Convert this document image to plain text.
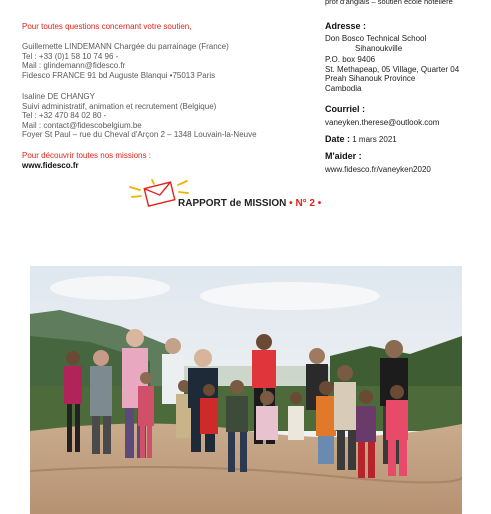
prof d'anglais – soutien école hôtelière
Pour toutes questions concernant votre soutien,
Guillemette LINDEMANN Chargée du parrainage (France)
Tel : +33 (0)1 58 10 74 96 -
Mail : glindemann@fidesco.fr
Fidesco FRANCE 91 bd Auguste Blanqui •75013 Paris
Isaline DE CHANGY
Suivi administratif, animation et recrutement (Belgique)
Tel : +32 470 84 02 80 -
Mail : contact@fidescobelgium.be
Foyer St Paul – rue du Cheval d'Arçon 2 – 1348 Louvain-la-Neuve
Pour découvrir toutes nos missions :
www.fidesco.fr
Adresse :
Don Bosco Technical School
Sihanoukville
P.O. box 9406
St. Methapeap, 05 Village, Quarter 04
Preah Sihanouk Province
Cambodia
Courriel :
vaneyken.therese@outlook.com
Date : 1 mars 2021
M'aider :
www.fidesco.fr/vaneyken2020
RAPPORT de MISSION • N° 2 •
